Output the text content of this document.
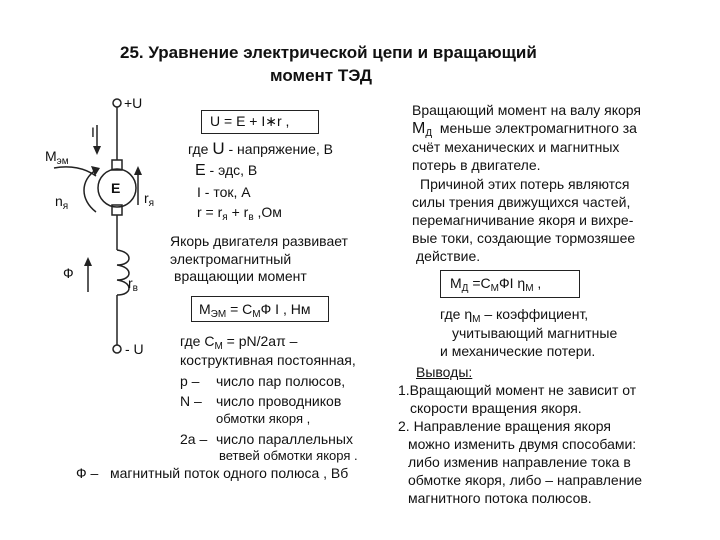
25. Уравнение электрической цепи и вращающий
момент ТЭД
+U
- U
I
$M_{эм}$
$n_я$
E
$r_я$
Ф
$r_в$
U = E + I∗r ,
где U - напряжение, B
E - эдс, B
I - ток, A
$r = r_я + r_в$ ,Ом
Якорь двигателя развивает
электромагнитный
вращающии момент
$M_{ЭМ} = C_MФ$ I , Нм
где $C_M = pN/2a\pi$ –
коструктивная постоянная,
p – число пар полюсов,
N – число проводников
обмотки якоря ,
2a – число параллельных
ветвей обмотки якоря .
Ф – магнитный поток одного полюса , Вб
Вращающий момент на валу якоря
$M_Д$ меньше электромагнитного за
счёт механических и магнитных
потерь в двигателе.
Причиной этих потерь являются
силы трения движущихся частей,
перемагничивание якоря и вихре-
вые токи, создающие тормозяшее
действие.
$M_Д =C_MФI$ $\eta_M$ ,
где $\eta_M$ – коэффициент,
учитывающий магнитные
и механические потери.
Выводы:
1.Вращающий момент не зависит от
скорости вращения якоря.
2. Направление вращения якоря
можно изменить двумя способами:
либо изменив направление тока в
обмотке якоря, либо – направление
магнитного потока полюсов.
